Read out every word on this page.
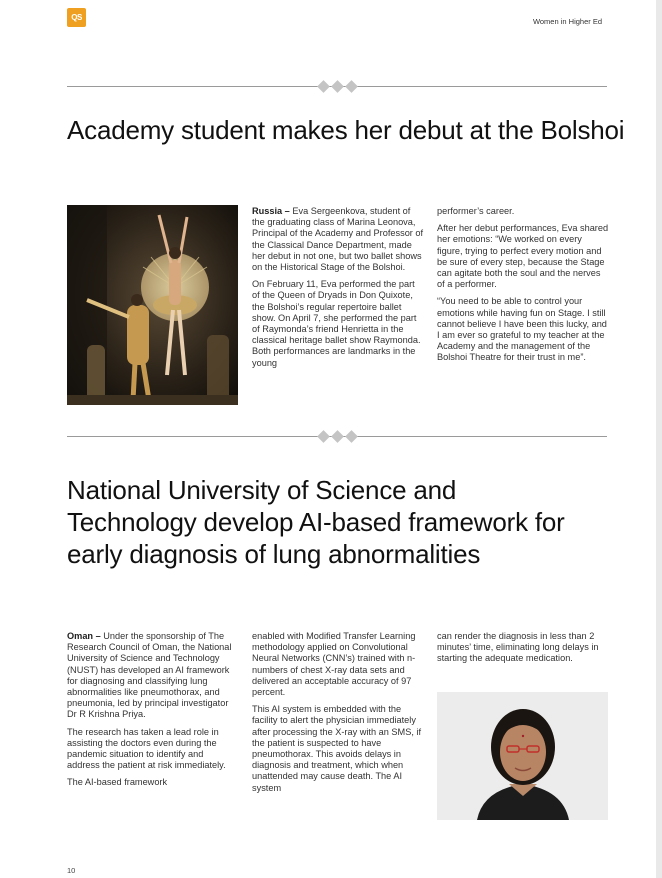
QS	Women in Higher Ed
Academy student makes her debut at the Bolshoi

Russia – Eva Sergeenkova, student of the graduating class of Marina Leonova, Principal of the Academy and Professor of the Classical Dance Department, made her debut in not one, but two ballet shows on the Historical Stage of the Bolshoi.

On February 11, Eva performed the part of the Queen of Dryads in Don Quixote, the Bolshoi’s regular repertoire ballet show. On April 7, she performed the part of Raymonda’s friend Henrietta in the classical heritage ballet show Raymonda. Both performances are landmarks in the young

performer’s career.

After her debut performances, Eva shared her emotions: “We worked on every figure, trying to perfect every motion and be sure of every step, because the Stage can agitate both the soul and the nerves of a performer.

“You need to be able to control your emotions while having fun on Stage. I still cannot believe I have been this lucky, and I am ever so grateful to my teacher at the Academy and the management of the Bolshoi Theatre for their trust in me”.

National University of Science and Technology develop AI-based framework for early diagnosis of lung abnormalities

Oman – Under the sponsorship of The Research Council of Oman, the National University of Science and Technology (NUST) has developed an AI framework for diagnosing and classifying lung abnormalities like pneumothorax, and pneumonia, led by principal investigator Dr R Krishna Priya.

The research has taken a lead role in assisting the doctors even during the pandemic situation to identify and address the patient at risk immediately.

The AI-based framework

enabled with Modified Transfer Learning methodology applied on Convolutional Neural Networks (CNN’s) trained with n-numbers of chest X-ray data sets and delivered an acceptable accuracy of 97 percent.

This AI system is embedded with the facility to alert the physician immediately after processing the X-ray with an SMS, if the patient is suspected to have pneumothorax. This avoids delays in diagnosis and treatment, which when unattended may cause death. The AI system

can render the diagnosis in less than 2 minutes’ time, eliminating long delays in starting the adequate medication.

10
